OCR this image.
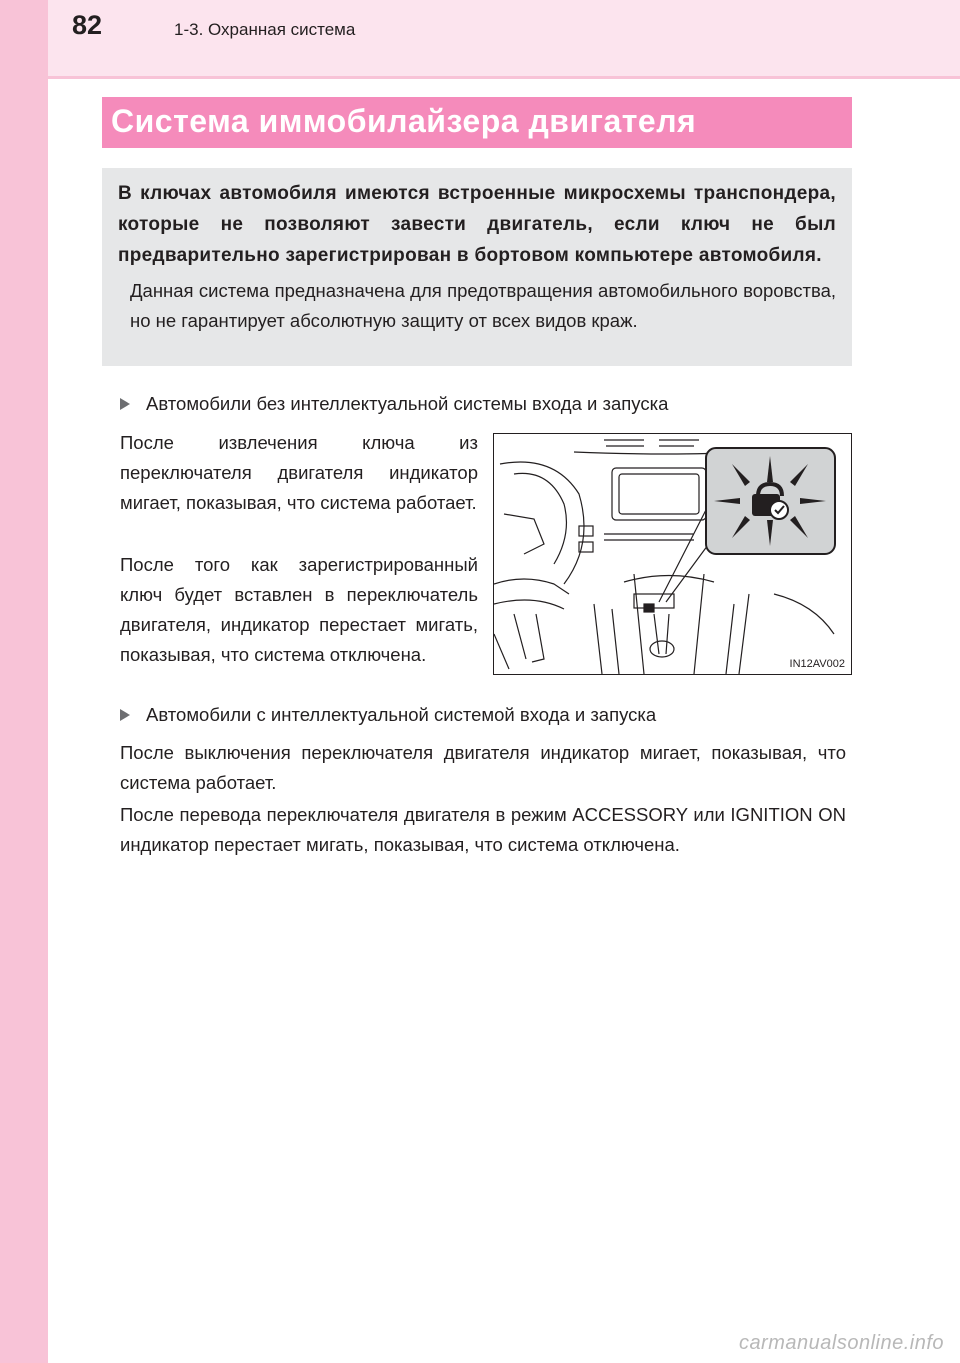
82	1-3. Охранная система
Система иммобилайзера двигателя

В ключах автомобиля имеются встроенные микросхемы транспондера, которые не позволяют завести двигатель, если ключ не был предварительно зарегистрирован в бортовом компьютере автомобиля.

Данная система предназначена для предотвращения автомобильного воровства, но не гарантирует абсолютную защиту от всех видов краж.

Автомобили без интеллектуальной системы входа и запуска

После извлечения ключа из переключателя двигателя индикатор мигает, показывая, что система работает.

После того как зарегистрированный ключ будет вставлен в переключатель двигателя, индикатор перестает мигать, показывая, что система отключена.	IN12AV002
Автомобили с интеллектуальной системой входа и запуска

После выключения переключателя двигателя индикатор мигает, показывая, что система работает.

После перевода переключателя двигателя в режим ACCESSORY или IGNITION ON индикатор перестает мигать, показывая, что система отключена.

carmanualsonline.info
